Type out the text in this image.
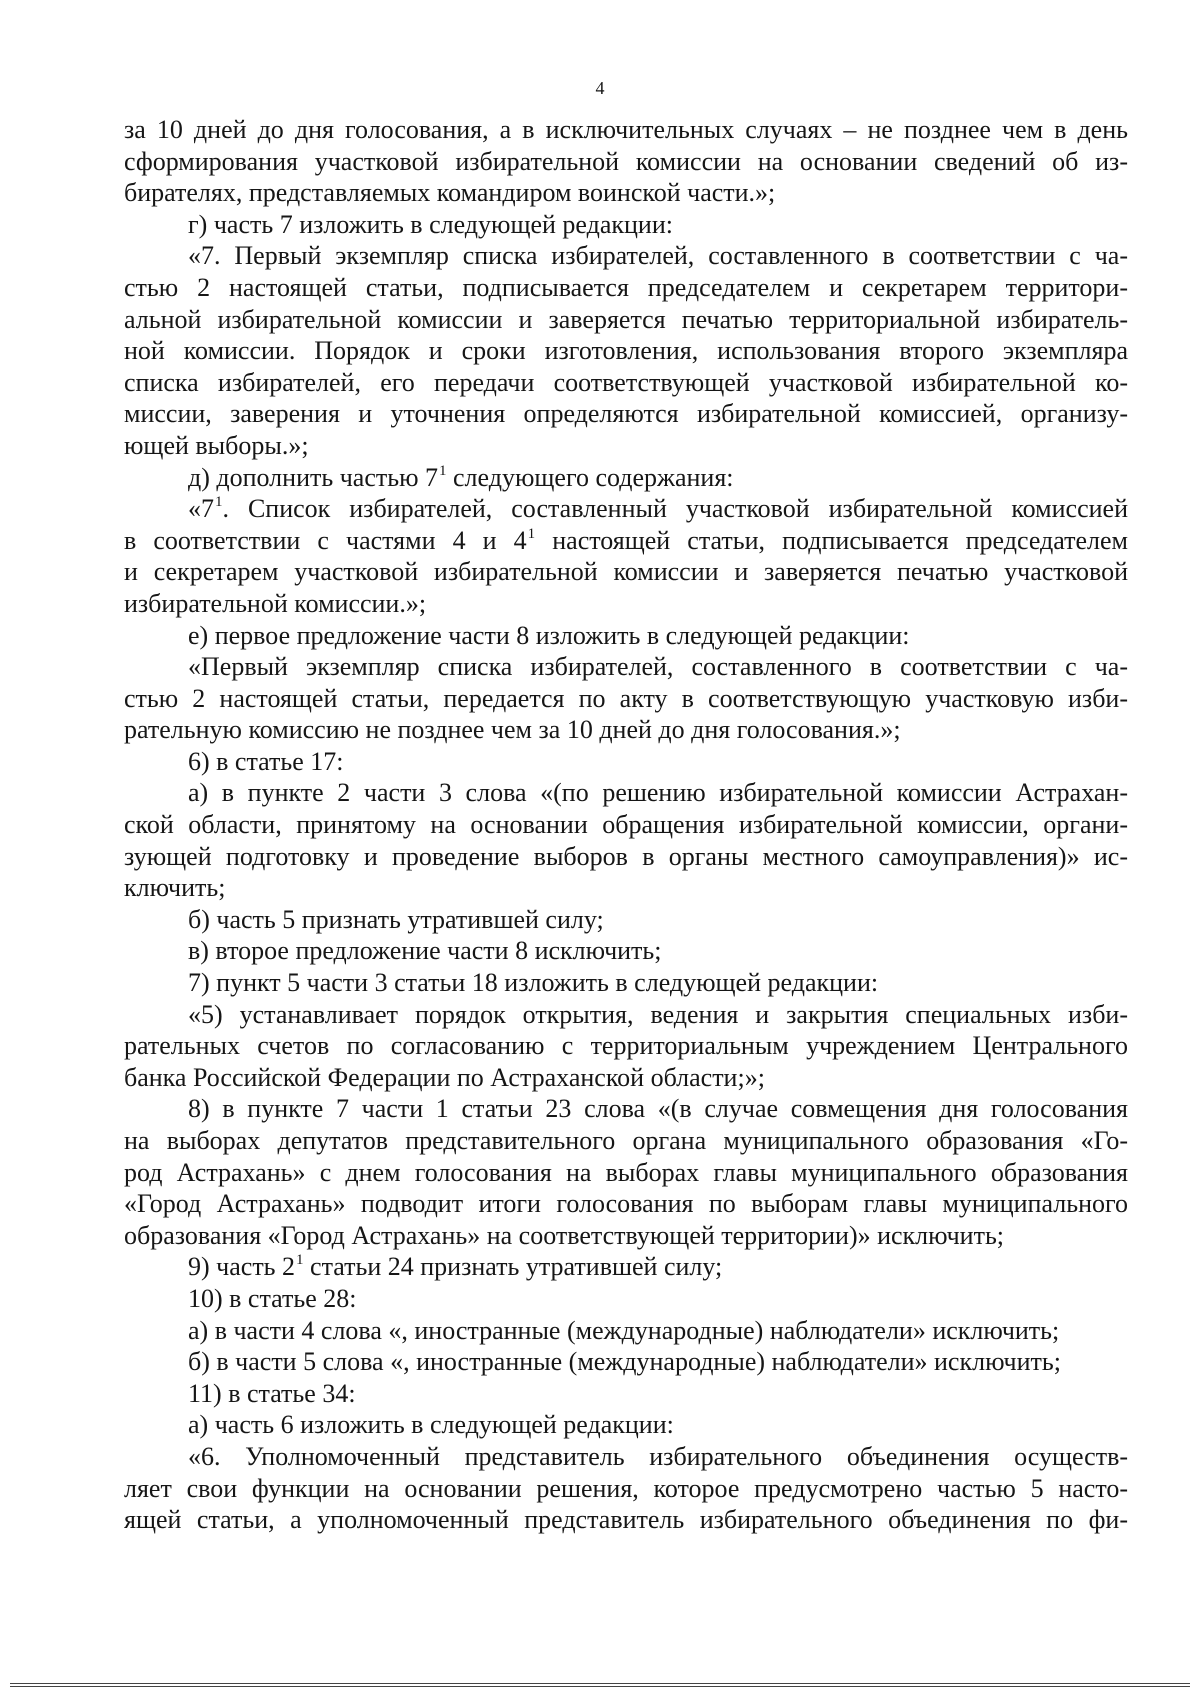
4
за 10 дней до дня голосования, а в исключительных случаях – не позднее чем в день
сформирования участковой избирательной комиссии на основании сведений об из-
бирателях, представляемых командиром воинской части.»;
г) часть 7 изложить в следующей редакции:
«7. Первый экземпляр списка избирателей, составленного в соответствии с ча-
стью 2 настоящей статьи, подписывается председателем и секретарем территори-
альной избирательной комиссии и заверяется печатью территориальной избиратель-
ной комиссии. Порядок и сроки изготовления, использования второго экземпляра
списка избирателей, его передачи соответствующей участковой избирательной ко-
миссии, заверения и уточнения определяются избирательной комиссией, организу-
ющей выборы.»;
д) дополнить частью 71 следующего содержания:
«71. Список избирателей, составленный участковой избирательной комиссией
в соответствии с частями 4 и 41 настоящей статьи, подписывается председателем
и секретарем участковой избирательной комиссии и заверяется печатью участковой
избирательной комиссии.»;
е) первое предложение части 8 изложить в следующей редакции:
«Первый экземпляр списка избирателей, составленного в соответствии с ча-
стью 2 настоящей статьи, передается по акту в соответствующую участковую изби-
рательную комиссию не позднее чем за 10 дней до дня голосования.»;
6) в статье 17:
а) в пункте 2 части 3 слова «(по решению избирательной комиссии Астрахан-
ской области, принятому на основании обращения избирательной комиссии, органи-
зующей подготовку и проведение выборов в органы местного самоуправления)» ис-
ключить;
б) часть 5 признать утратившей силу;
в) второе предложение части 8 исключить;
7) пункт 5 части 3 статьи 18 изложить в следующей редакции:
«5) устанавливает порядок открытия, ведения и закрытия специальных изби-
рательных счетов по согласованию с территориальным учреждением Центрального
банка Российской Федерации по Астраханской области;»;
8) в пункте 7 части 1 статьи 23 слова «(в случае совмещения дня голосования
на выборах депутатов представительного органа муниципального образования «Го-
род Астрахань» с днем голосования на выборах главы муниципального образования
«Город Астрахань» подводит итоги голосования по выборам главы муниципального
образования «Город Астрахань» на соответствующей территории)» исключить;
9) часть 21 статьи 24 признать утратившей силу;
10) в статье 28:
а) в части 4 слова «, иностранные (международные) наблюдатели» исключить;
б) в части 5 слова «, иностранные (международные) наблюдатели» исключить;
11) в статье 34:
а) часть 6 изложить в следующей редакции:
«6. Уполномоченный представитель избирательного объединения осуществ-
ляет свои функции на основании решения, которое предусмотрено частью 5 насто-
ящей статьи, а уполномоченный представитель избирательного объединения по фи-
